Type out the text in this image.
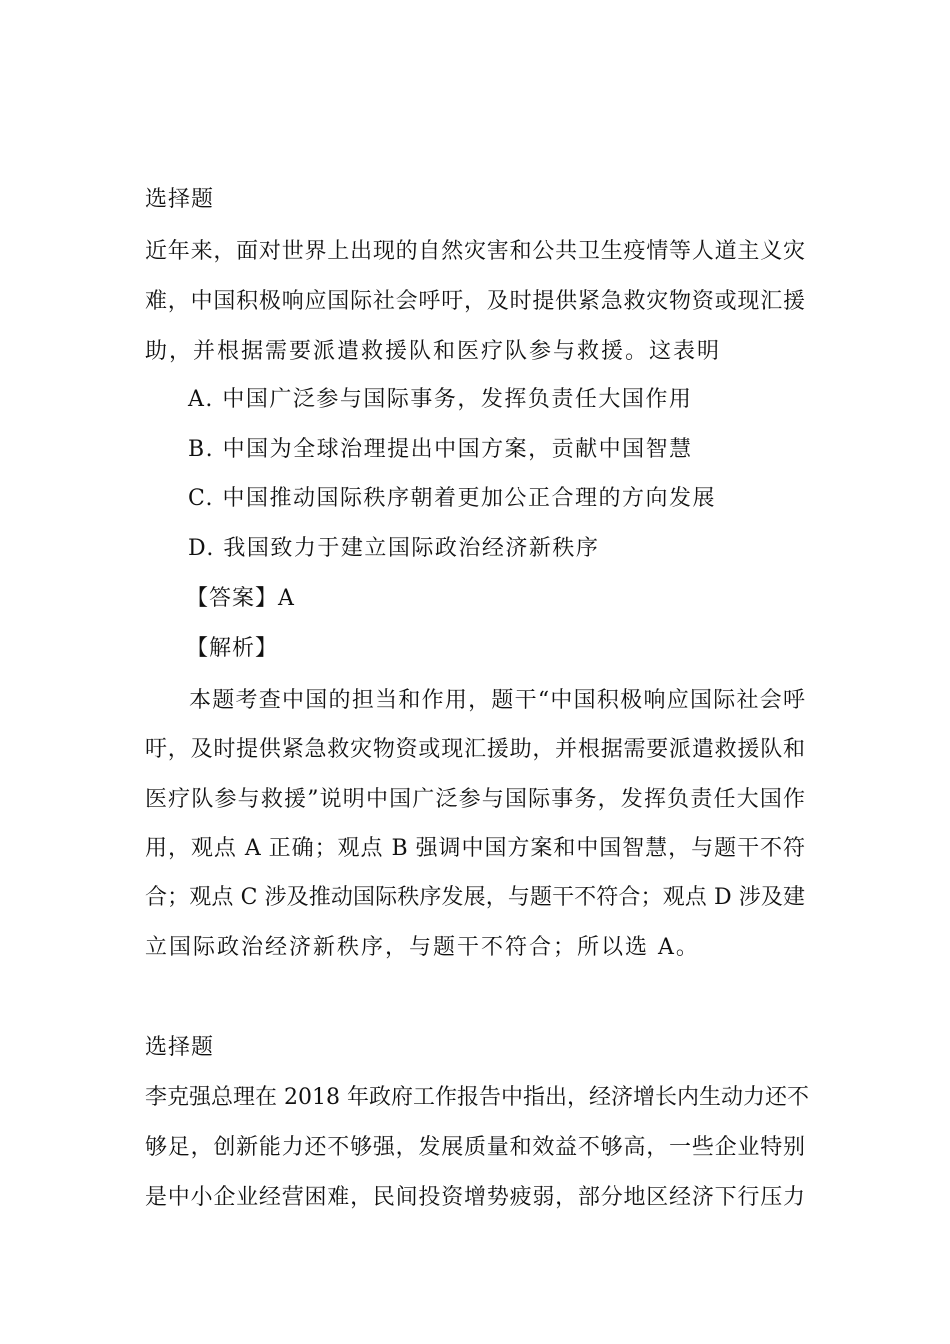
选择题
近年来，面对世界上出现的自然灾害和公共卫生疫情等人道主义灾
难，中国积极响应国际社会呼吁，及时提供紧急救灾物资或现汇援
助，并根据需要派遣救援队和医疗队参与救援。这表明
A. 中国广泛参与国际事务，发挥负责任大国作用
B. 中国为全球治理提出中国方案，贡献中国智慧
C. 中国推动国际秩序朝着更加公正合理的方向发展
D. 我国致力于建立国际政治经济新秩序
【答案】A
【解析】
本题考查中国的担当和作用，题干“中国积极响应国际社会呼
吁，及时提供紧急救灾物资或现汇援助，并根据需要派遣救援队和
医疗队参与救援”说明中国广泛参与国际事务，发挥负责任大国作
用，观点 A 正确；观点 B 强调中国方案和中国智慧，与题干不符
合；观点 C 涉及推动国际秩序发展，与题干不符合；观点 D 涉及建
立国际政治经济新秩序，与题干不符合；所以选 A。
选择题
李克强总理在 2018 年政府工作报告中指出，经济增长内生动力还不
够足，创新能力还不够强，发展质量和效益不够高，一些企业特别
是中小企业经营困难，民间投资增势疲弱，部分地区经济下行压力
